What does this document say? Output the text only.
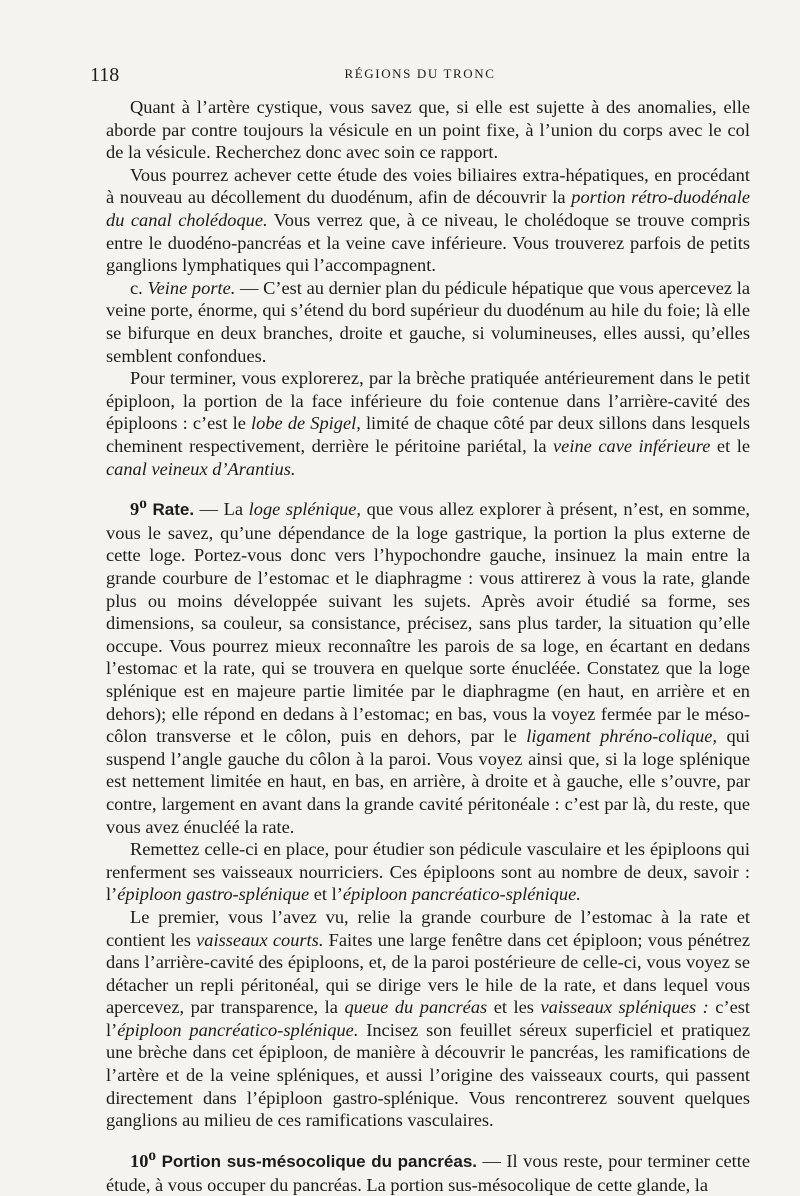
118	RÉGIONS DU TRONC

Quant à l’artère cystique, vous savez que, si elle est sujette à des anomalies, elle aborde par contre toujours la vésicule en un point fixe, à l’union du corps avec le col de la vésicule. Recherchez donc avec soin ce rapport.

Vous pourrez achever cette étude des voies biliaires extra-hépatiques, en procédant à nouveau au décollement du duodénum, afin de découvrir la portion rétro-duodénale du canal cholédoque. Vous verrez que, à ce niveau, le cholédoque se trouve compris entre le duodéno-pancréas et la veine cave inférieure. Vous trouverez parfois de petits ganglions lymphatiques qui l’accompagnent.

c. Veine porte. — C’est au dernier plan du pédicule hépatique que vous apercevez la veine porte, énorme, qui s’étend du bord supérieur du duodénum au hile du foie; là elle se bifurque en deux branches, droite et gauche, si volumineuses, elles aussi, qu’elles semblent confondues.

Pour terminer, vous explorerez, par la brèche pratiquée antérieurement dans le petit épiploon, la portion de la face inférieure du foie contenue dans l’arrière-cavité des épiploons : c’est le lobe de Spigel, limité de chaque côté par deux sillons dans lesquels cheminent respectivement, derrière le péritoine pariétal, la veine cave inférieure et le canal veineux d’Arantius.

9$^o$ Rate. — La loge splénique, que vous allez explorer à présent, n’est, en somme, vous le savez, qu’une dépendance de la loge gastrique, la portion la plus externe de cette loge. Portez-vous donc vers l’hypochondre gauche, insinuez la main entre la grande courbure de l’estomac et le diaphragme : vous attirerez à vous la rate, glande plus ou moins développée suivant les sujets. Après avoir étudié sa forme, ses dimensions, sa couleur, sa consistance, précisez, sans plus tarder, la situation qu’elle occupe. Vous pourrez mieux reconnaître les parois de sa loge, en écartant en dedans l’estomac et la rate, qui se trouvera en quelque sorte énucléée. Constatez que la loge splénique est en majeure partie limitée par le diaphragme (en haut, en arrière et en dehors); elle répond en dedans à l’estomac; en bas, vous la voyez fermée par le méso-côlon transverse et le côlon, puis en dehors, par le ligament phréno-colique, qui suspend l’angle gauche du côlon à la paroi. Vous voyez ainsi que, si la loge splénique est nettement limitée en haut, en bas, en arrière, à droite et à gauche, elle s’ouvre, par contre, largement en avant dans la grande cavité péritonéale : c’est par là, du reste, que vous avez énucléé la rate.

Remettez celle-ci en place, pour étudier son pédicule vasculaire et les épiploons qui renferment ses vaisseaux nourriciers. Ces épiploons sont au nombre de deux, savoir : l’épiploon gastro-splénique et l’épiploon pancréatico-splénique.

Le premier, vous l’avez vu, relie la grande courbure de l’estomac à la rate et contient les vaisseaux courts. Faites une large fenêtre dans cet épiploon; vous pénétrez dans l’arrière-cavité des épiploons, et, de la paroi postérieure de celle-ci, vous voyez se détacher un repli péritonéal, qui se dirige vers le hile de la rate, et dans lequel vous apercevez, par transparence, la queue du pancréas et les vaisseaux spléniques : c’est l’épiploon pancréatico-splénique. Incisez son feuillet séreux superficiel et pratiquez une brèche dans cet épiploon, de manière à découvrir le pancréas, les ramifications de l’artère et de la veine spléniques, et aussi l’origine des vaisseaux courts, qui passent directement dans l’épiploon gastro-splénique. Vous rencontrerez souvent quelques ganglions au milieu de ces ramifications vasculaires.

10$^o$ Portion sus-mésocolique du pancréas. — Il vous reste, pour terminer cette étude, à vous occuper du pancréas. La portion sus-mésocolique de cette glande, la
